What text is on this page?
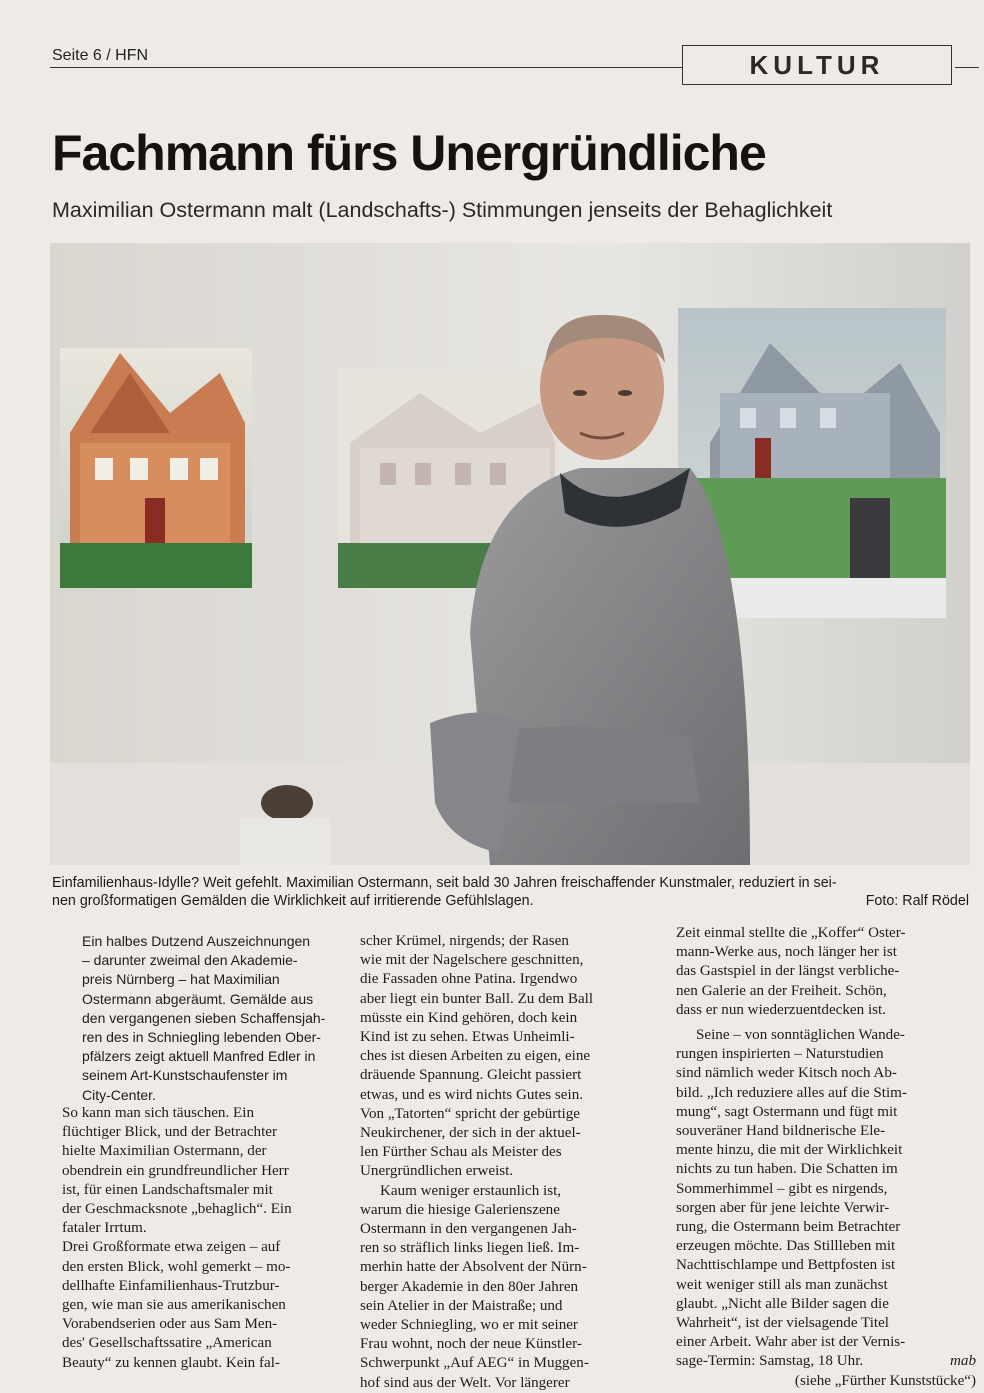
Seite 6 / HFN	KULTUR
Fachmann fürs Unergründliche
Maximilian Ostermann malt (Landschafts-) Stimmungen jenseits der Behaglichkeit

Einfamilienhaus-Idylle? Weit gefehlt. Maximilian Ostermann, seit bald 30 Jahren freischaffender Kunstmaler, reduziert in sei-

nen großformatigen Gemälden die Wirklichkeit auf irritierende Gefühlslagen.	Foto: Ralf Rödel

Ein halbes Dutzend Auszeichnungen
– darunter zweimal den Akademie-
preis Nürnberg – hat Maximilian
Ostermann abgeräumt. Gemälde aus
den vergangenen sieben Schaffensjah-
ren des in Schniegling lebenden Ober-
pfälzers zeigt aktuell Manfred Edler in
seinem Art-Kunstschaufenster im
City-Center.

So kann man sich täuschen. Ein
flüchtiger Blick, und der Betrachter
hielte Maximilian Ostermann, der
obendrein ein grundfreundlicher Herr
ist, für einen Landschaftsmaler mit
der Geschmacksnote „behaglich“. Ein
fataler Irrtum.

Drei Großformate etwa zeigen – auf
den ersten Blick, wohl gemerkt – mo-
dellhafte Einfamilienhaus-Trutzbur-
gen, wie man sie aus amerikanischen
Vorabendserien oder aus Sam Men-
des' Gesellschaftssatire „American
Beauty“ zu kennen glaubt. Kein fal-

scher Krümel, nirgends; der Rasen
wie mit der Nagelschere geschnitten,
die Fassaden ohne Patina. Irgendwo
aber liegt ein bunter Ball. Zu dem Ball
müsste ein Kind gehören, doch kein
Kind ist zu sehen. Etwas Unheimli-
ches ist diesen Arbeiten zu eigen, eine
dräuende Spannung. Gleicht passiert
etwas, und es wird nichts Gutes sein.
Von „Tatorten“ spricht der gebürtige
Neukirchener, der sich in der aktuel-
len Fürther Schau als Meister des
Unergründlichen erweist.

Kaum weniger erstaunlich ist,

warum die hiesige Galerienszene
Ostermann in den vergangenen Jah-
ren so sträflich links liegen ließ. Im-
merhin hatte der Absolvent der Nürn-
berger Akademie in den 80er Jahren
sein Atelier in der Maistraße; und
weder Schniegling, wo er mit seiner
Frau wohnt, noch der neue Künstler-
Schwerpunkt „Auf AEG“ in Muggen-
hof sind aus der Welt. Vor längerer

Zeit einmal stellte die „Koffer“ Oster-
mann-Werke aus, noch länger her ist
das Gastspiel in der längst verbliche-
nen Galerie an der Freiheit. Schön,
dass er nun wiederzuentdecken ist.

Seine – von sonntäglichen Wande-

rungen inspirierten – Naturstudien
sind nämlich weder Kitsch noch Ab-
bild. „Ich reduziere alles auf die Stim-
mung“, sagt Ostermann und fügt mit
souveräner Hand bildnerische Ele-
mente hinzu, die mit der Wirklichkeit
nichts zu tun haben. Die Schatten im
Sommerhimmel – gibt es nirgends,
sorgen aber für jene leichte Verwir-
rung, die Ostermann beim Betrachter
erzeugen möchte. Das Stillleben mit
Nachttischlampe und Bettpfosten ist
weit weniger still als man zunächst
glaubt. „Nicht alle Bilder sagen die
Wahrheit“, ist der vielsagende Titel
einer Arbeit. Wahr aber ist der Vernis-
sage-Termin: Samstag, 18 Uhr.	mab

(siehe „Fürther Kunststücke“)
